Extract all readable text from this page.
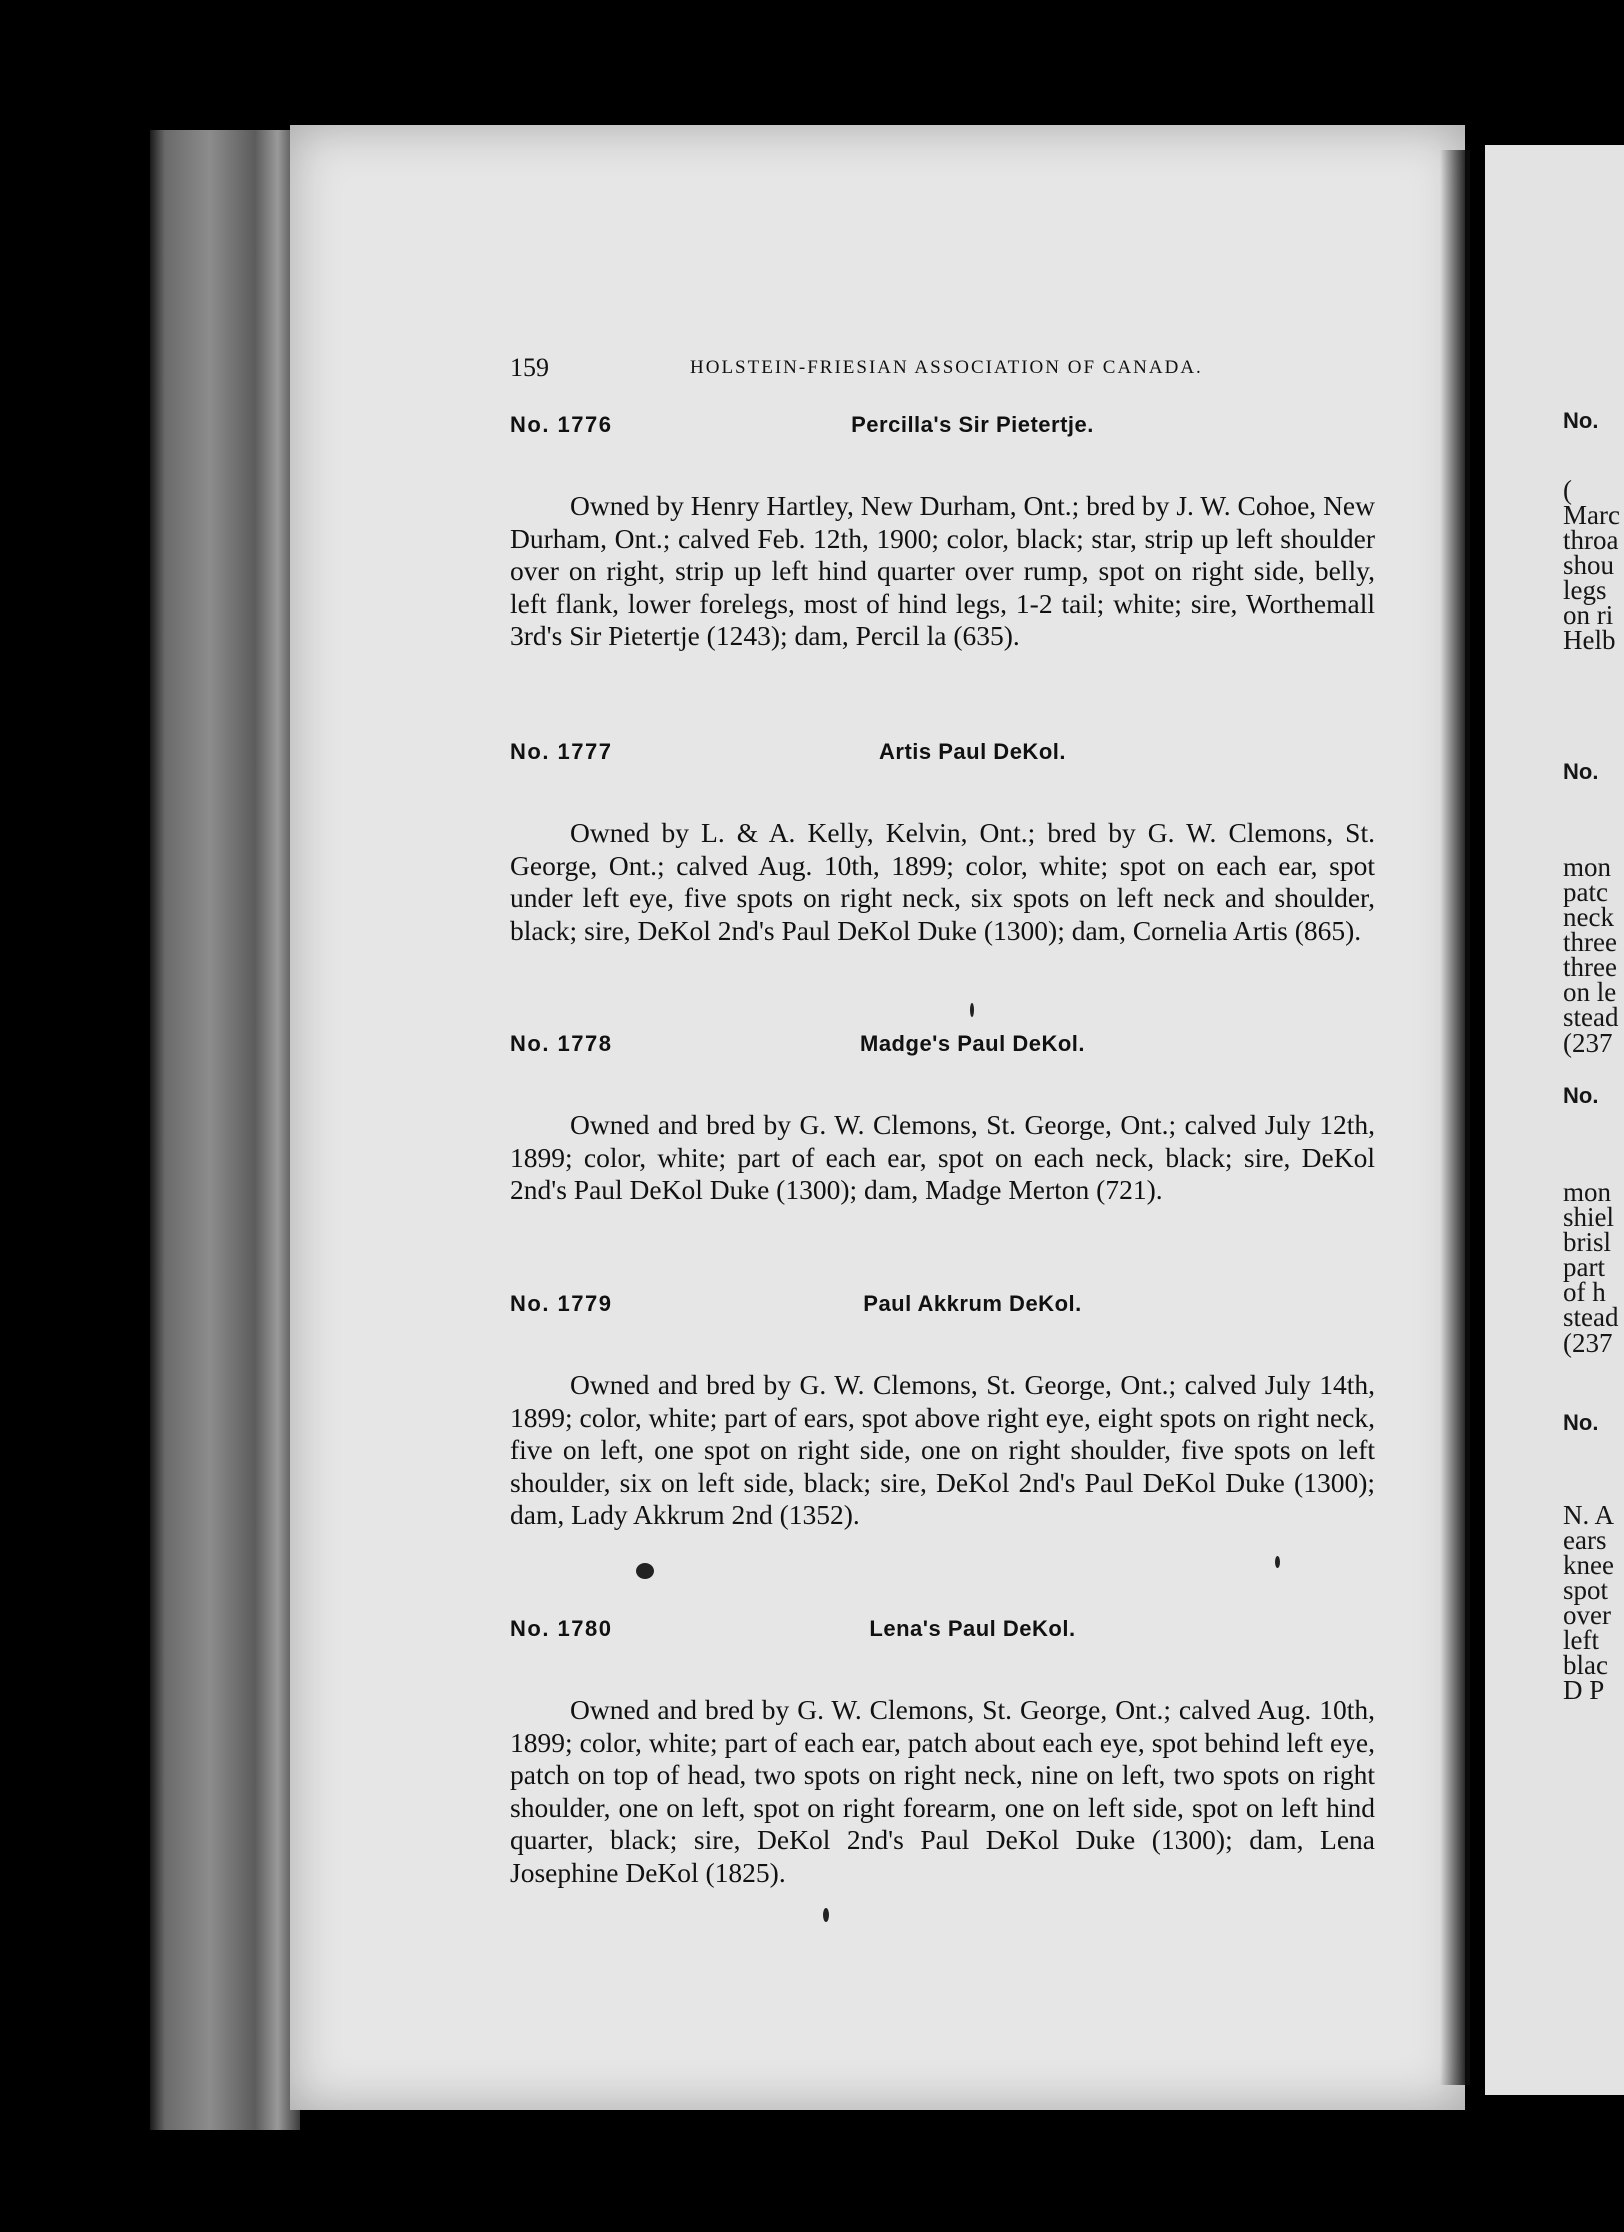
No.
(
Marc
throa
shou
legs
on ri
Helb
No.
mon
patc
neck
three
three
on le
stead
(237
No.
mon
shiel
brisl
part
of h
stead
(237
No.
N. A
ears
knee
spot
over
left
blac
D P
159	HOLSTEIN-FRIESIAN ASSOCIATION OF CANADA.
No. 1776	Percilla's Sir Pietertje.

Owned by Henry Hartley, New Durham, Ont.; bred by J. W. Cohoe, New Durham, Ont.; calved Feb. 12th, 1900; color, black; star, strip up left shoulder over on right, strip up left hind quarter over rump, spot on right side, belly, left flank, lower forelegs, most of hind legs, 1-2 tail; white; sire, Worthemall 3rd's Sir Pietertje (1243); dam, Percil la (635).

No. 1777	Artis Paul DeKol.

Owned by L. & A. Kelly, Kelvin, Ont.; bred by G. W. Clemons, St. George, Ont.; calved Aug. 10th, 1899; color, white; spot on each ear, spot under left eye, five spots on right neck, six spots on left neck and shoulder, black; sire, DeKol 2nd's Paul DeKol Duke (1300); dam, Cornelia Artis (865).

No. 1778	Madge's Paul DeKol.

Owned and bred by G. W. Clemons, St. George, Ont.; calved July 12th, 1899; color, white; part of each ear, spot on each neck, black; sire, DeKol 2nd's Paul DeKol Duke (1300); dam, Madge Merton (721).

No. 1779	Paul Akkrum DeKol.

Owned and bred by G. W. Clemons, St. George, Ont.; calved July 14th, 1899; color, white; part of ears, spot above right eye, eight spots on right neck, five on left, one spot on right side, one on right shoulder, five spots on left shoulder, six on left side, black; sire, DeKol 2nd's Paul DeKol Duke (1300); dam, Lady Akkrum 2nd (1352).

No. 1780	Lena's Paul DeKol.

Owned and bred by G. W. Clemons, St. George, Ont.; calved Aug. 10th, 1899; color, white; part of each ear, patch about each eye, spot behind left eye, patch on top of head, two spots on right neck, nine on left, two spots on right shoulder, one on left, spot on right forearm, one on left side, spot on left hind quarter, black; sire, DeKol 2nd's Paul DeKol Duke (1300); dam, Lena Josephine DeKol (1825).
